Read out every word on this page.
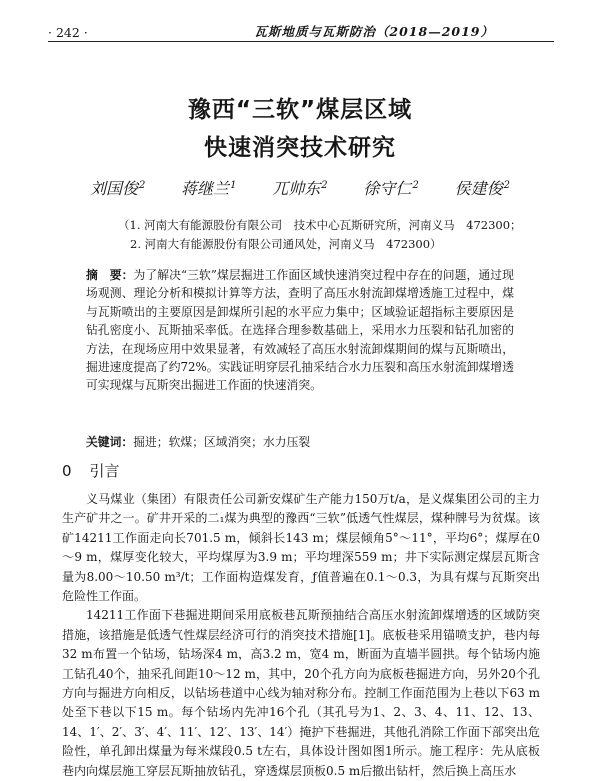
· 242 ·	瓦斯地质与瓦斯防治（2018—2019）
豫西“三软”煤层区域
快速消突技术研究
刘国俊$^2$ 蒋继兰$^1$ 兀帅东$^2$ 徐守仁$^2$ 侯建俊$^2$
（1. 河南大有能源股份有限公司　技术中心瓦斯研究所，河南义马　472300；
2. 河南大有能源股份有限公司通风处，河南义马　472300）
摘　要：为了解决“三软”煤层掘进工作面区域快速消突过程中存在的问题，通过现场观测、理论分析和模拟计算等方法，查明了高压水射流卸煤增透施工过程中，煤与瓦斯喷出的主要原因是卸煤所引起的水平应力集中；区域验证超指标主要原因是钻孔密度小、瓦斯抽采率低。在选择合理参数基础上，采用水力压裂和钻孔加密的方法，在现场应用中效果显著，有效减轻了高压水射流卸煤期间的煤与瓦斯喷出，掘进速度提高了约72%。实践证明穿层孔抽采结合水力压裂和高压水射流卸煤增透可实现煤与瓦斯突出掘进工作面的快速消突。
关键词：掘进；软煤；区域消突；水力压裂
0 引言

义马煤业（集团）有限责任公司新安煤矿生产能力150万t/a，是义煤集团公司的主力生产矿井之一。矿井开采的二₁煤为典型的豫西“三软”低透气性煤层，煤种牌号为贫煤。该矿14211工作面走向长701.5 m，倾斜长143 m；煤层倾角5°～11°，平均6°；煤厚在0～9 m，煤厚变化较大，平均煤厚为3.9 m；平均埋深559 m；井下实际测定煤层瓦斯含量为8.00～10.50 m³/t；工作面构造煤发育，ƒ值普遍在0.1～0.3，为具有煤与瓦斯突出危险性工作面。

14211工作面下巷掘进期间采用底板巷瓦斯预抽结合高压水射流卸煤增透的区域防突措施，该措施是低透气性煤层经济可行的消突技术措施[1]。底板巷采用锚喷支护，巷内每32 m布置一个钻场，钻场深4 m，高3.2 m，宽4 m，断面为直墙半圆拱。每个钻场内施工钻孔40个，抽采孔间距10～12 m，其中，20个孔方向为底板巷掘进方向，另外20个孔方向与掘进方向相反，以钻场巷道中心线为轴对称分布。控制工作面范围为上巷以下63 m处至下巷以下15 m。每个钻场内先冲16个孔（其孔号为1、2、3、4、11、12、13、14、1′、2′、3′、4′、11′、12′、13′、14′）掩护下巷掘进，其他孔消除工作面下部突出危险性，单孔卸出煤量为每米煤段0.5 t左右，具体设计图如图1所示。施工程序：先从底板巷内向煤层施工穿层瓦斯抽放钻孔，穿透煤层顶板0.5 m后撤出钻杆，然后换上高压水
